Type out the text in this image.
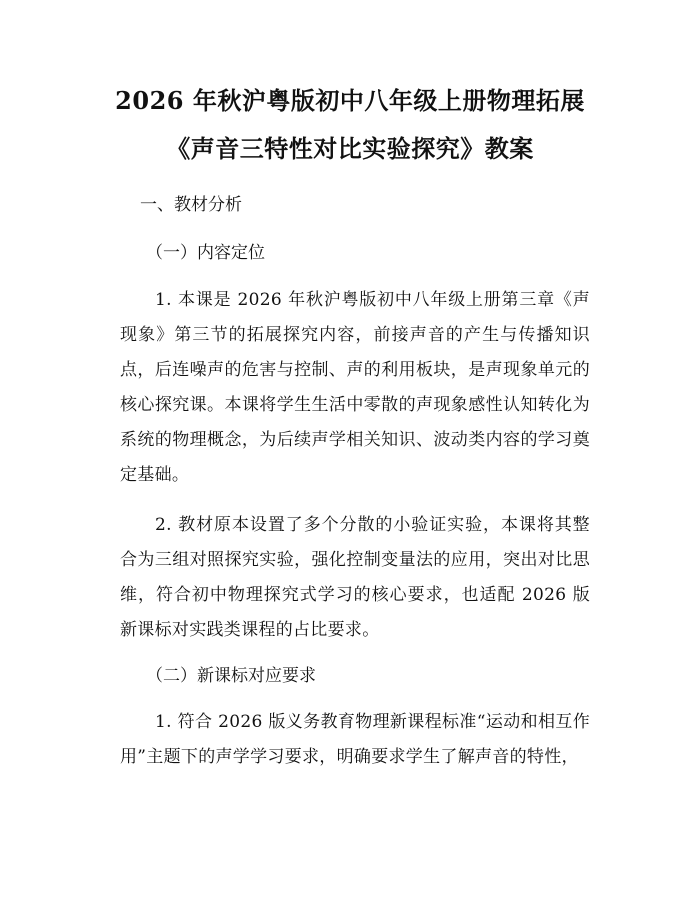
2026 年秋沪粤版初中八年级上册物理拓展
《声音三特性对比实验探究》教案
一、教材分析
（一）内容定位
1. 本课是 2026 年秋沪粤版初中八年级上册第三章《声现象》第三节的拓展探究内容，前接声音的产生与传播知识点，后连噪声的危害与控制、声的利用板块，是声现象单元的核心探究课。本课将学生生活中零散的声现象感性认知转化为系统的物理概念，为后续声学相关知识、波动类内容的学习奠定基础。
2. 教材原本设置了多个分散的小验证实验，本课将其整合为三组对照探究实验，强化控制变量法的应用，突出对比思维，符合初中物理探究式学习的核心要求，也适配 2026 版新课标对实践类课程的占比要求。
（二）新课标对应要求
1. 符合 2026 版义务教育物理新课程标准“运动和相互作用”主题下的声学学习要求，明确要求学生了解声音的特性，
